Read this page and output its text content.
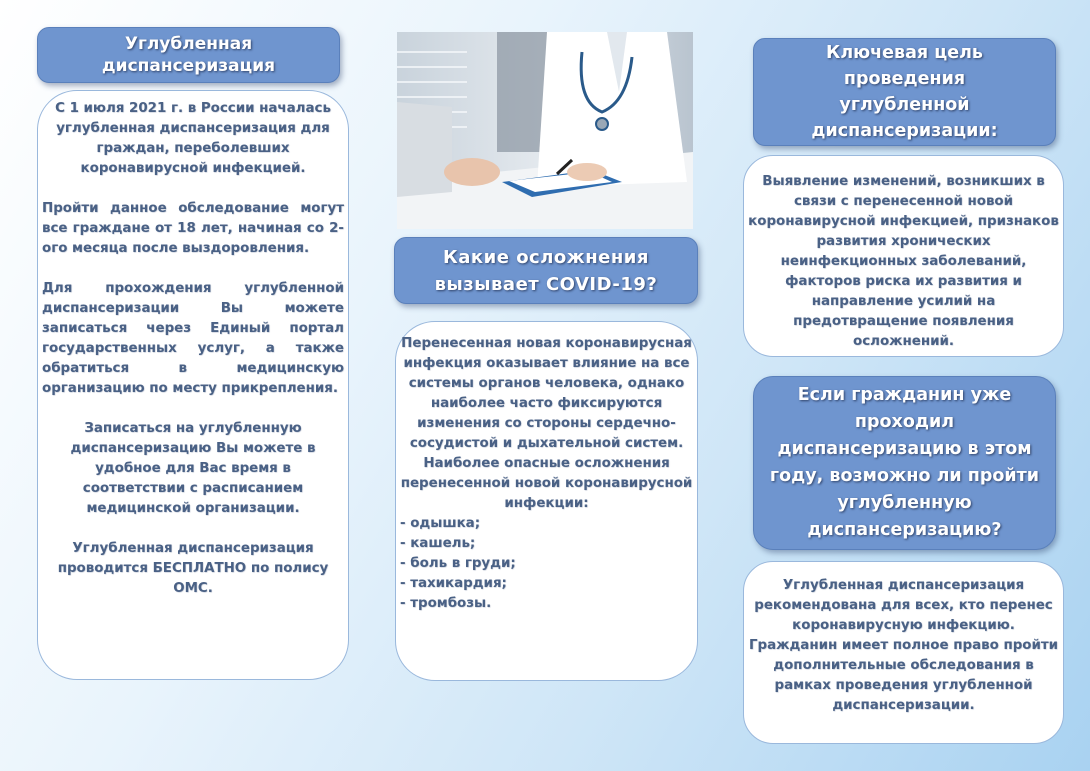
Углубленная диспансеризация

С 1 июля 2021 г. в России началась углубленная диспансеризация для граждан, переболевших коронавирусной инфекцией.

Пройти данное обследование могут все граждане от 18 лет, начиная со 2-ого месяца после выздоровления.

Для прохождения углубленной диспансеризации Вы можете записаться через Единый портал государственных услуг, а также обратиться в медицинскую организацию по месту прикрепления.

Записаться на углубленную диспансеризацию Вы можете в удобное для Вас время в соответствии с расписанием медицинской организации.

Углубленная диспансеризация проводится БЕСПЛАТНО по полису ОМС.

Какие осложнения вызывает COVID-19?

Перенесенная новая коронавирусная инфекция оказывает влияние на все системы органов человека, однако наиболее часто фиксируются изменения со стороны сердечно-сосудистой и дыхательной систем.

Наиболее опасные осложнения перенесенной новой коронавирусной инфекции:

- одышка;
- кашель;
- боль в груди;
- тахикардия;
- тромбозы.
Ключевая цель проведения углубленной диспансеризации:

Выявление изменений, возникших в связи с перенесенной новой коронавирусной инфекцией, признаков развития хронических неинфекционных заболеваний, факторов риска их развития и направление усилий на предотвращение появления осложнений.

Если гражданин уже проходил диспансеризацию в этом году, возможно ли пройти углубленную диспансеризацию?

Углубленная диспансеризация рекомендована для всех, кто перенес коронавирусную инфекцию. Гражданин имеет полное право пройти дополнительные обследования в рамках проведения углубленной диспансеризации.
